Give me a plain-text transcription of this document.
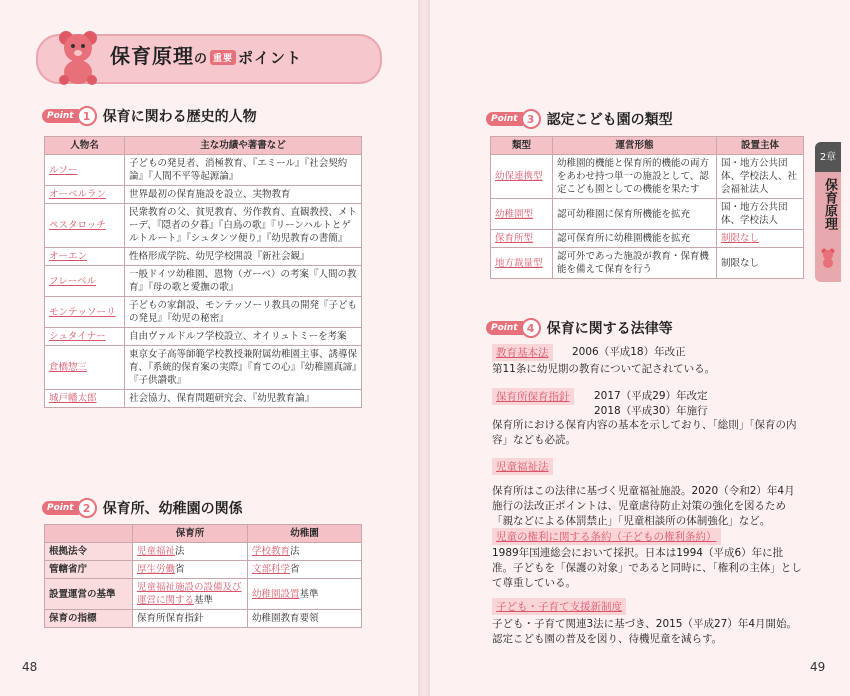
保育原理の 重要 ポイント
Point 1 保育に関わる歴史的人物
人物名	主な功績や著書など
ルソー	子どもの発見者、消極教育、『エミール』『社会契約論』『人間不平等起源論』
オーベルラン	世界最初の保育施設を設立、実物教育
ペスタロッチ	民衆教育の父、貧児教育、労作教育、直観教授、メトーデ、『隠者の夕暮』『白鳥の歌』『リーンハルトとゲルトルート』『シュタンツ便り』『幼児教育の書簡』
オーエン	性格形成学院、幼児学校開設『新社会観』
フレーベル	一般ドイツ幼稚園、恩物（ガーベ）の考案『人間の教育』『母の歌と愛撫の歌』
モンテッソーリ	子どもの家創設、モンテッソーリ教具の開発『子どもの発見』『幼児の秘密』
シュタイナー	自由ヴァルドルフ学校設立、オイリュトミーを考案
倉橋惣三	東京女子高等師範学校教授兼附属幼稚園主事、誘導保育、『系統的保育案の実際』『育ての心』『幼稚園真諦』『子供讃歌』
城戸幡太郎	社会協力、保育問題研究会、『幼児教育論』
Point 2 保育所、幼稚園の関係
	保育所	幼稚園
根拠法令	児童福祉法	学校教育法
管轄省庁	厚生労働省	文部科学省
設置運営の基準	児童福祉施設の設備及び運営に関する基準	幼稚園設置基準
保育の指標	保育所保育指針	幼稚園教育要領
Point 3 認定こども園の類型
類型	運営形態	設置主体
幼保連携型	幼稚園的機能と保育所的機能の両方をあわせ持つ単一の施設として、認定こども園としての機能を果たす	国・地方公共団体、学校法人、社会福祉法人
幼稚園型	認可幼稚園に保育所機能を拡充	国・地方公共団体、学校法人
保育所型	認可保育所に幼稚園機能を拡充	制限なし
地方裁量型	認可外であった施設が教育・保育機能を備えて保育を行う	制限なし
Point 4 保育に関する法律等
教育基本法	2006（平成18）年改正
第11条に幼児期の教育について記されている。
保育所保育指針	2017（平成29）年改定
2018（平成30）年施行
保育所における保育内容の基本を示しており、「総則」「保育の内容」なども必読。
児童福祉法
保育所はこの法律に基づく児童福祉施設。2020（令和2）年4月施行の法改正ポイントは、児童虐待防止対策の強化を図るため「親などによる体罰禁止」「児童相談所の体制強化」など。
児童の権利に関する条約（子どもの権利条約）
1989年国連総会において採択。日本は1994（平成6）年に批准。子どもを「保護の対象」であると同時に、「権利の主体」として尊重している。
子ども・子育て支援新制度
子ども・子育て関連3法に基づき、2015（平成27）年4月開始。認定こども園の普及を図り、待機児童を減らす。
2章
保育原理
48	49
